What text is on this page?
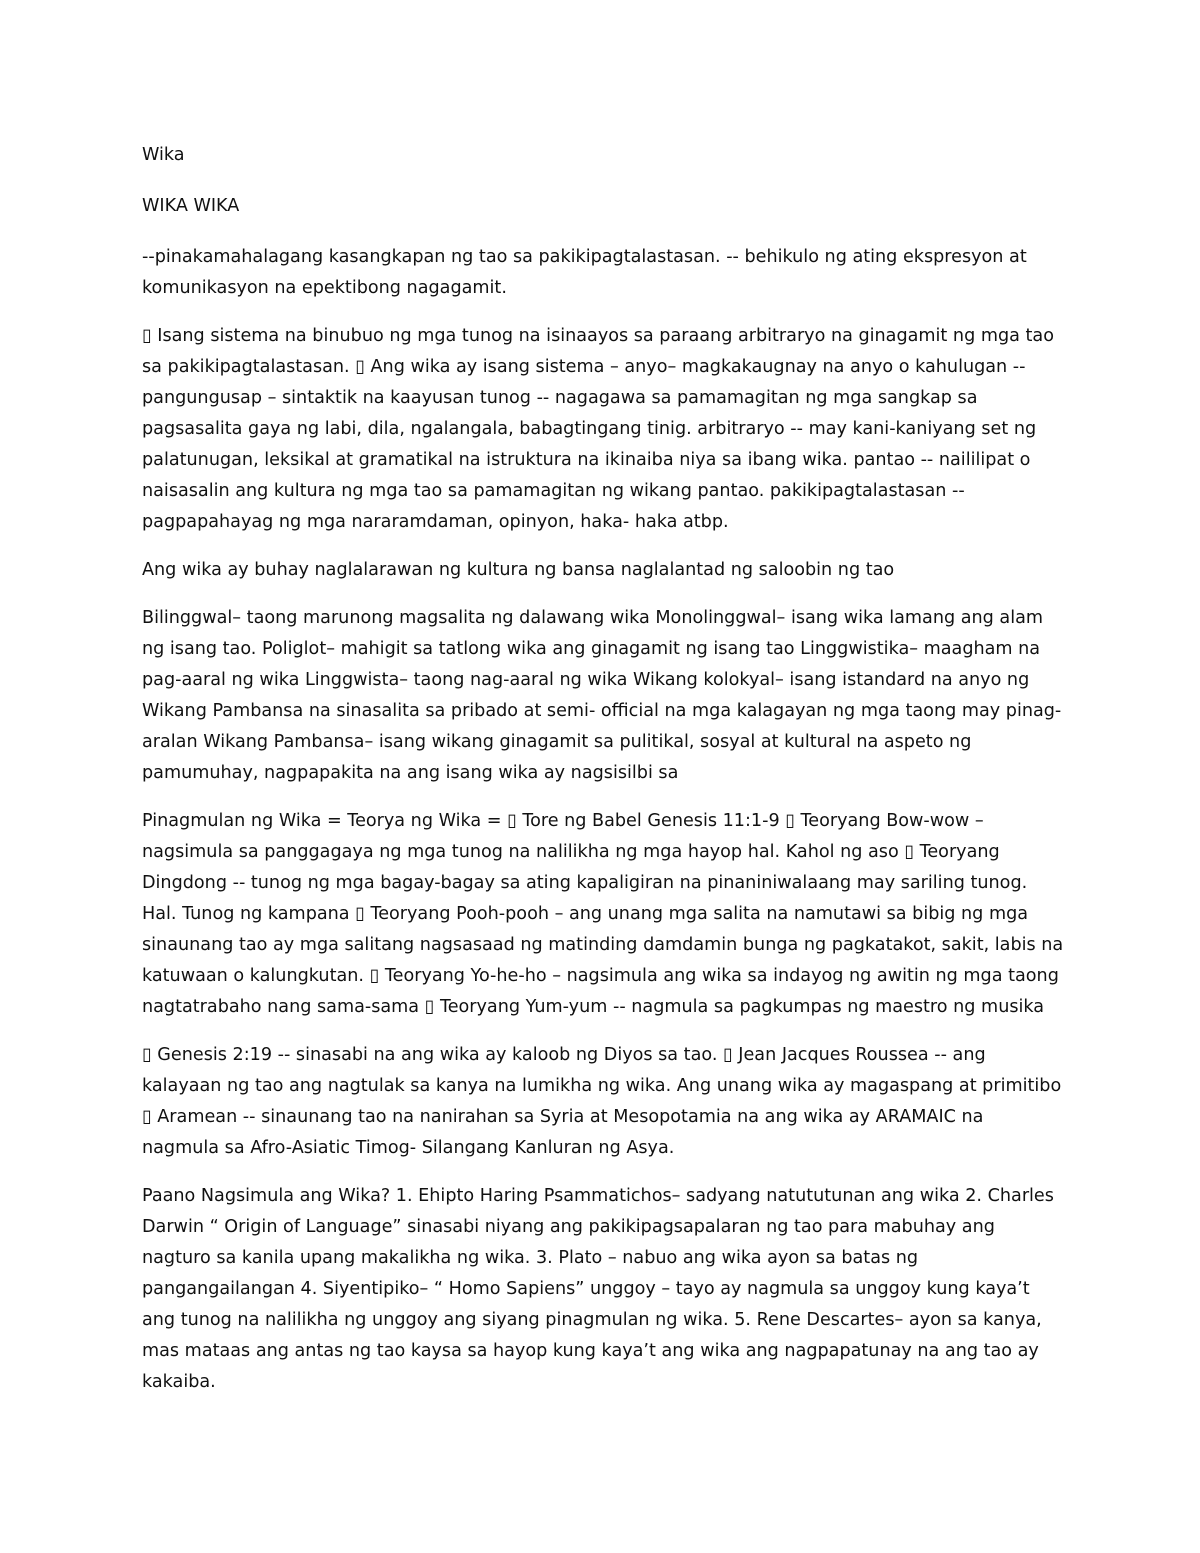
Wika

WIKA WIKA

--pinakamahalagang kasangkapan ng tao sa pakikipagtalastasan. -- behikulo ng ating ekspresyon at komunikasyon na epektibong nagagamit.

▯ Isang sistema na binubuo ng mga tunog na isinaayos sa paraang arbitraryo na ginagamit ng mga tao sa pakikipagtalastasan. ▯ Ang wika ay isang sistema – anyo– magkakaugnay na anyo o kahulugan -- pangungusap – sintaktik na kaayusan tunog -- nagagawa sa pamamagitan ng mga sangkap sa pagsasalita gaya ng labi, dila, ngalangala, babagtingang tinig. arbitraryo -- may kani-kaniyang set ng palatunugan, leksikal at gramatikal na istruktura na ikinaiba niya sa ibang wika. pantao -- naililipat o naisasalin ang kultura ng mga tao sa pamamagitan ng wikang pantao. pakikipagtalastasan -- pagpapahayag ng mga nararamdaman, opinyon, haka- haka atbp.

Ang wika ay buhay naglalarawan ng kultura ng bansa naglalantad ng saloobin ng tao

Bilinggwal– taong marunong magsalita ng dalawang wika Monolinggwal– isang wika lamang ang alam ng isang tao. Poliglot– mahigit sa tatlong wika ang ginagamit ng isang tao Linggwistika– maagham na pag-aaral ng wika Linggwista– taong nag-aaral ng wika Wikang kolokyal– isang istandard na anyo ng Wikang Pambansa na sinasalita sa pribado at semi- official na mga kalagayan ng mga taong may pinag-aralan Wikang Pambansa– isang wikang ginagamit sa pulitikal, sosyal at kultural na aspeto ng pamumuhay, nagpapakita na ang isang wika ay nagsisilbi sa

Pinagmulan ng Wika = Teorya ng Wika = ▯ Tore ng Babel Genesis 11:1-9 ▯ Teoryang Bow-wow – nagsimula sa panggagaya ng mga tunog na nalilikha ng mga hayop hal. Kahol ng aso ▯ Teoryang Dingdong -- tunog ng mga bagay-bagay sa ating kapaligiran na pinaniniwalaang may sariling tunog. Hal. Tunog ng kampana ▯ Teoryang Pooh-pooh – ang unang mga salita na namutawi sa bibig ng mga sinaunang tao ay mga salitang nagsasaad ng matinding damdamin bunga ng pagkatakot, sakit, labis na katuwaan o kalungkutan. ▯ Teoryang Yo-he-ho – nagsimula ang wika sa indayog ng awitin ng mga taong nagtatrabaho nang sama-sama ▯ Teoryang Yum-yum -- nagmula sa pagkumpas ng maestro ng musika

▯ Genesis 2:19 -- sinasabi na ang wika ay kaloob ng Diyos sa tao. ▯ Jean Jacques Roussea -- ang kalayaan ng tao ang nagtulak sa kanya na lumikha ng wika. Ang unang wika ay magaspang at primitibo ▯ Aramean -- sinaunang tao na nanirahan sa Syria at Mesopotamia na ang wika ay ARAMAIC na nagmula sa Afro-Asiatic Timog- Silangang Kanluran ng Asya.

Paano Nagsimula ang Wika? 1. Ehipto Haring Psammatichos– sadyang natututunan ang wika 2. Charles Darwin “ Origin of Language” sinasabi niyang ang pakikipagsapalaran ng tao para mabuhay ang nagturo sa kanila upang makalikha ng wika. 3. Plato – nabuo ang wika ayon sa batas ng pangangailangan 4. Siyentipiko– “ Homo Sapiens” unggoy – tayo ay nagmula sa unggoy kung kaya’t ang tunog na nalilikha ng unggoy ang siyang pinagmulan ng wika. 5. Rene Descartes– ayon sa kanya, mas mataas ang antas ng tao kaysa sa hayop kung kaya’t ang wika ang nagpapatunay na ang tao ay kakaiba.
